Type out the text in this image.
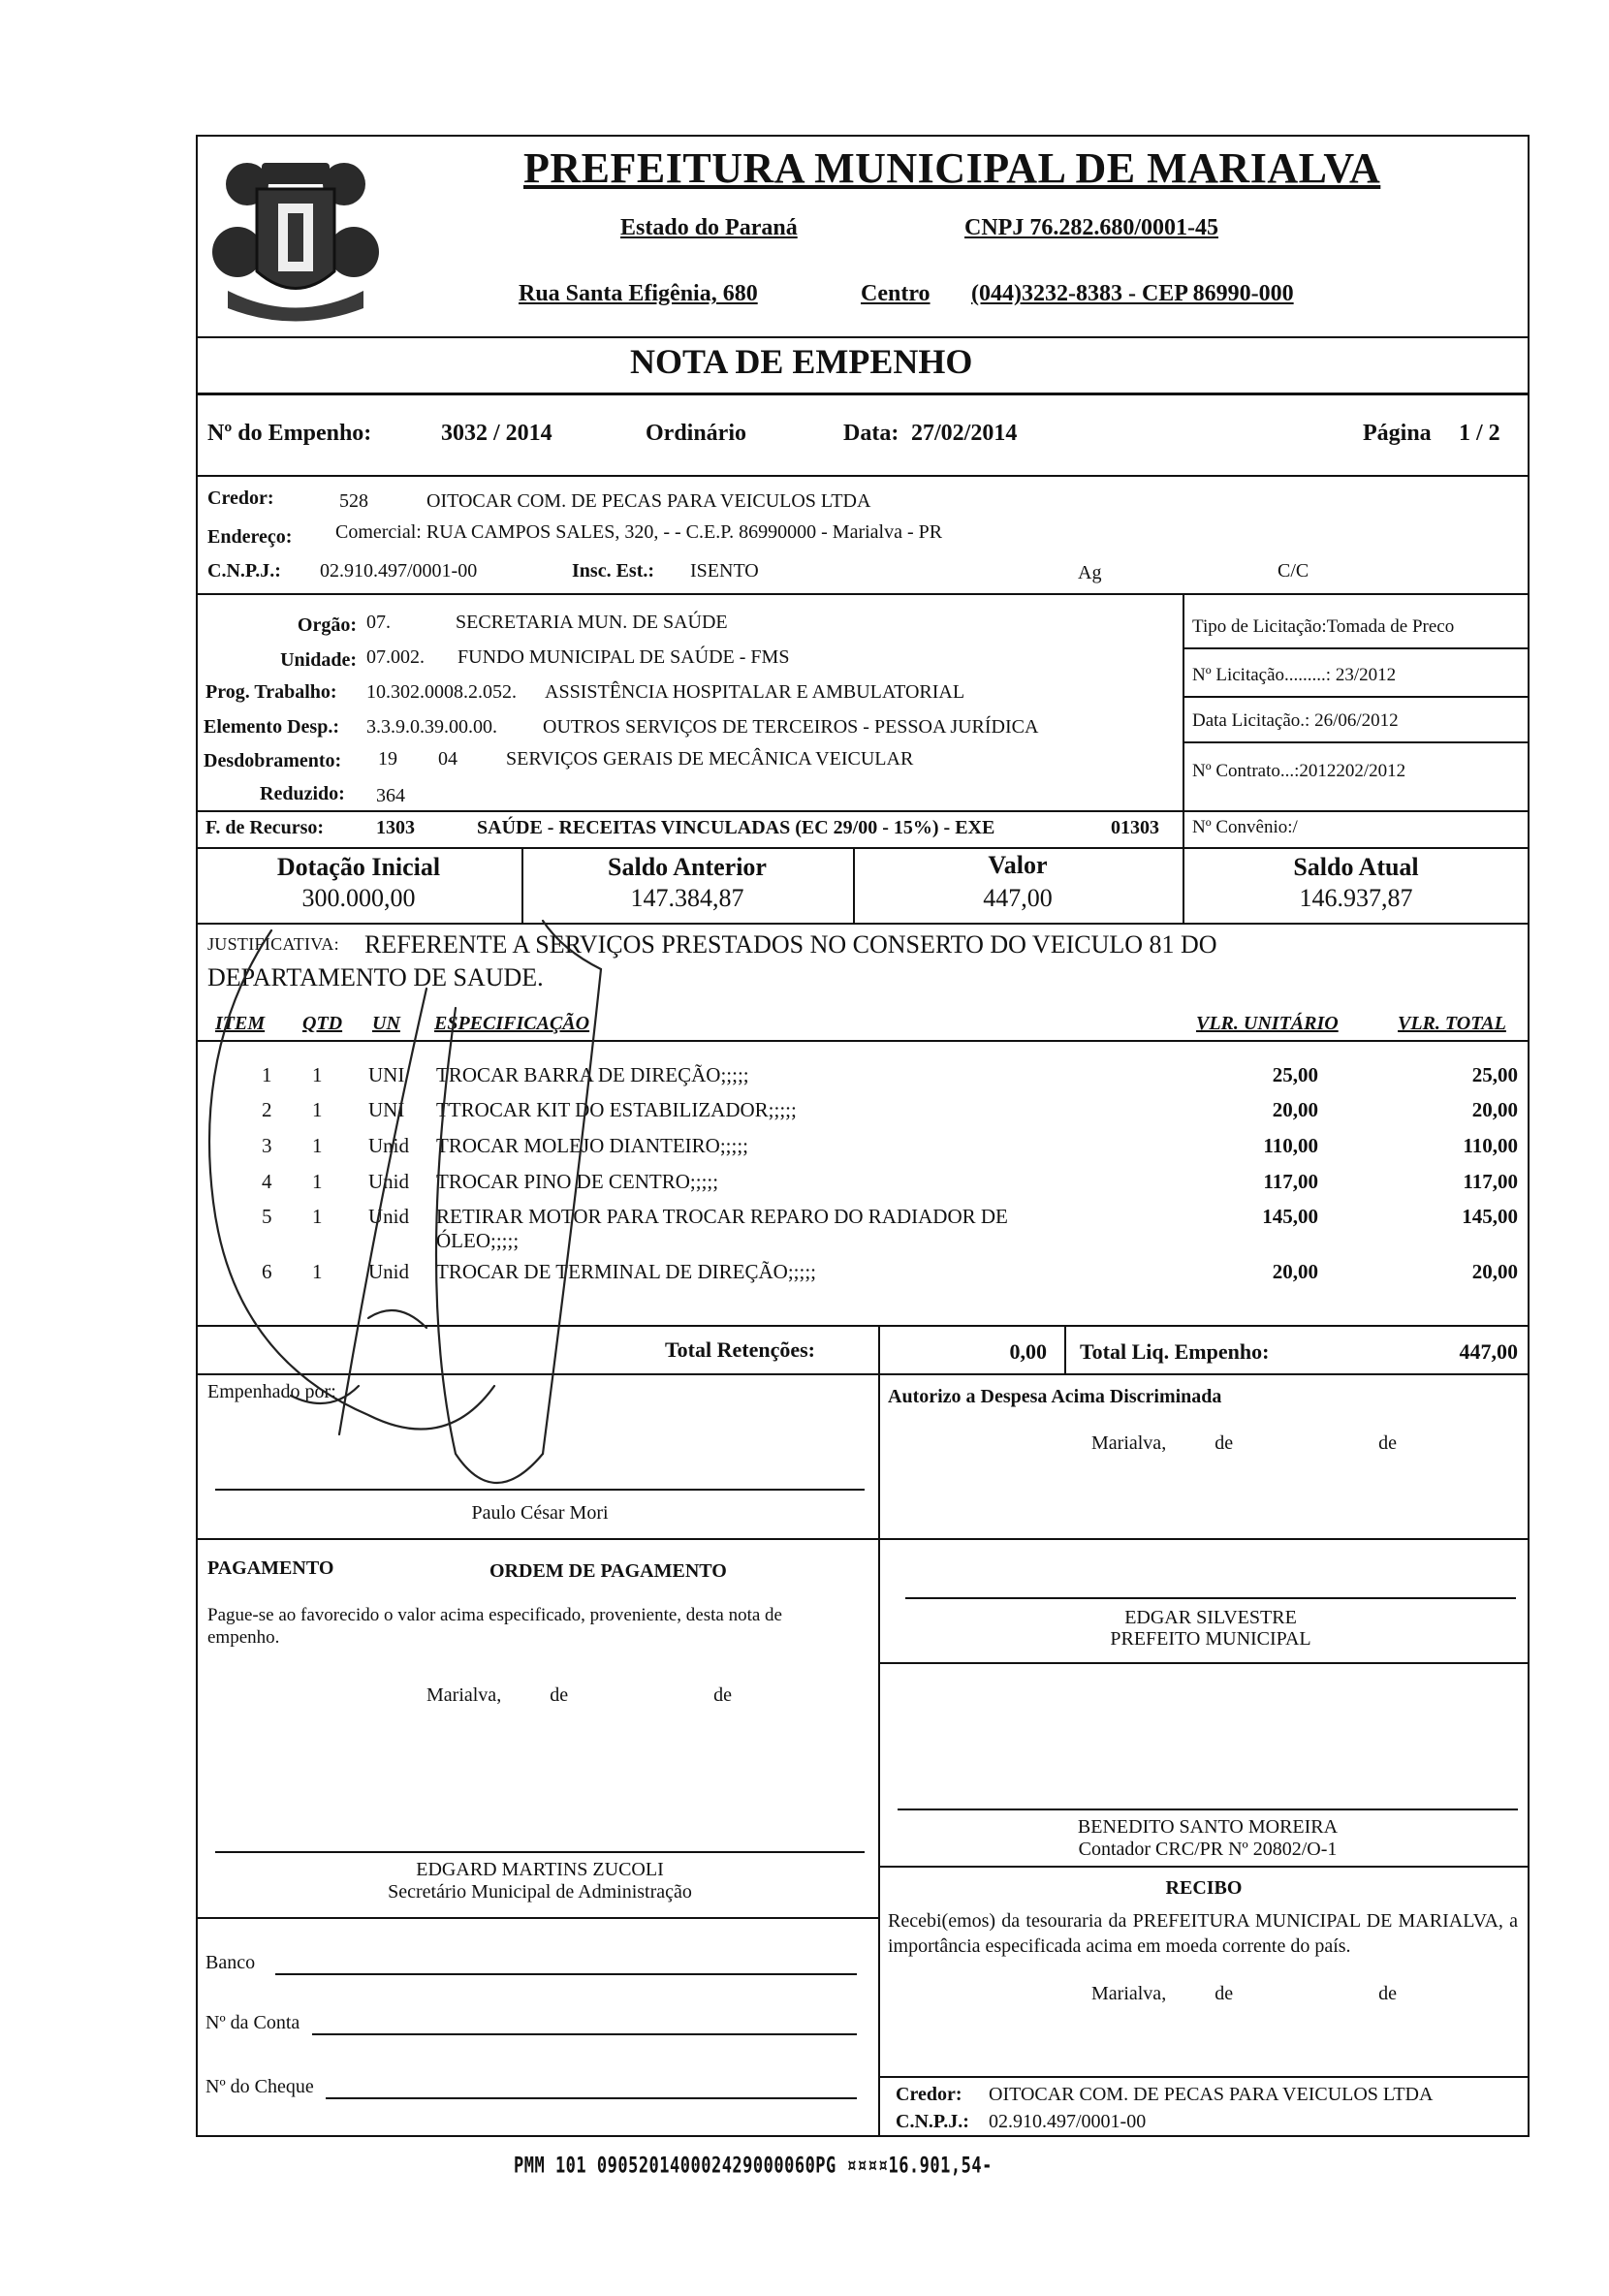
PREFEITURA MUNICIPAL DE MARIALVA
Estado do Paraná	CNPJ 76.282.680/0001-45
Rua Santa Efigênia, 680	Centro (044)3232-8383 - CEP 86990-000
NOTA DE EMPENHO
Nº do Empenho:	3032 / 2014	Ordinário	Data: 27/02/2014	Página 1 / 2
Credor:	528	OITOCAR COM. DE PECAS PARA VEICULOS LTDA
Endereço: Comercial: RUA CAMPOS SALES, 320, - - C.E.P. 86990000 - Marialva - PR
C.N.P.J.: 02.910.497/0001-00	Insc. Est.: ISENTO	Ag	C/C
Orgão: 07.	SECRETARIA MUN. DE SAÚDE
Unidade: 07.002. FUNDO MUNICIPAL DE SAÚDE - FMS
Prog. Trabalho: 10.302.0008.2.052. ASSISTÊNCIA HOSPITALAR E AMBULATORIAL
Elemento Desp.: 3.3.9.0.39.00.00. OUTROS SERVIÇOS DE TERCEIROS - PESSOA JURÍDICA
Desdobramento: 19 04	SERVIÇOS GERAIS DE MECÂNICA VEICULAR
Reduzido: 364
F. de Recurso:	1303	SAÚDE - RECEITAS VINCULADAS (EC 29/00 - 15%) - EXE	01303
Tipo de Licitação:Tomada de Preco
Nº Licitação.........: 23/2012
Data Licitação.: 26/06/2012
Nº Contrato...:2012202/2012
Nº Convênio:/
Dotação Inicial
300.000,00
Saldo Anterior
147.384,87
Valor
447,00
Saldo Atual
146.937,87
JUSTIFICATIVA: REFERENTE A SERVIÇOS PRESTADOS NO CONSERTO DO VEICULO 81 DO
DEPARTAMENTO DE SAUDE.
ITEM QTD UN ESPECIFICAÇÃO	VLR. UNITÁRIO	VLR. TOTAL
1 1 UNI TROCAR BARRA DE DIREÇÃO;;;;;	25,00	25,00
2 1 UNI TTROCAR KIT DO ESTABILIZADOR;;;;;	20,00	20,00
3 1 Unid TROCAR MOLEJO DIANTEIRO;;;;;	110,00	110,00
4 1 Unid TROCAR PINO DE CENTRO;;;;;	117,00	117,00
5 1 Unid RETIRAR MOTOR PARA TROCAR REPARO DO RADIADOR DE
ÓLEO;;;;;
145,00	145,00
6 1 Unid TROCAR DE TERMINAL DE DIREÇÃO;;;;;	20,00	20,00
Total Retenções:	0,00 Total Liq. Empenho:	447,00
Empenhado por:
Paulo César Mori
Autorizo a Despesa Acima Discriminada
Marialva,          de                              de
PAGAMENTO	ORDEM DE PAGAMENTO
Pague-se ao favorecido o valor acima especificado, proveniente, desta nota de empenho.
Marialva,          de                              de
EDGAR SILVESTRE
PREFEITO MUNICIPAL
BENEDITO SANTO MOREIRA
Contador CRC/PR Nº 20802/O-1
RECIBO
Recebi(emos) da tesouraria da PREFEITURA MUNICIPAL DE MARIALVA, a importância especificada acima em moeda corrente do país.
Marialva,          de                              de
EDGARD MARTINS ZUCOLI
Secretário Municipal de Administração
Banco
Nº da Conta
Nº do Cheque	Credor: OITOCAR COM. DE PECAS PARA VEICULOS LTDA
C.N.P.J.: 02.910.497/0001-00
PMM 101 090520140002429000060PG ¤¤¤¤16.901,54-
